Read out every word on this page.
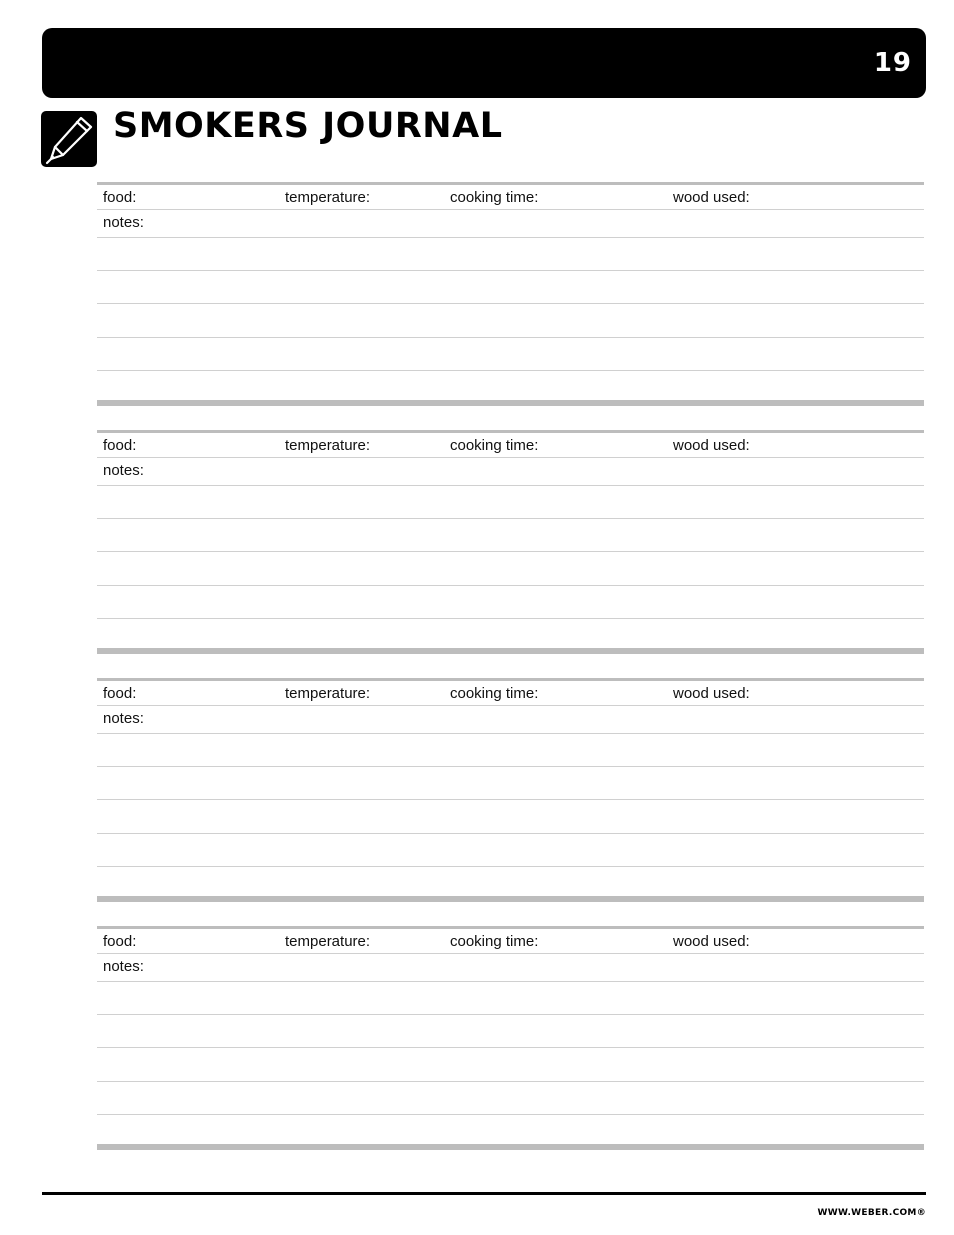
19
SMOKERS JOURNAL
food:	temperature:	cooking time:	wood used:
notes:
food:	temperature:	cooking time:	wood used:
notes:
food:	temperature:	cooking time:	wood used:
notes:
food:	temperature:	cooking time:	wood used:
notes:
WWW.WEBER.COM®
